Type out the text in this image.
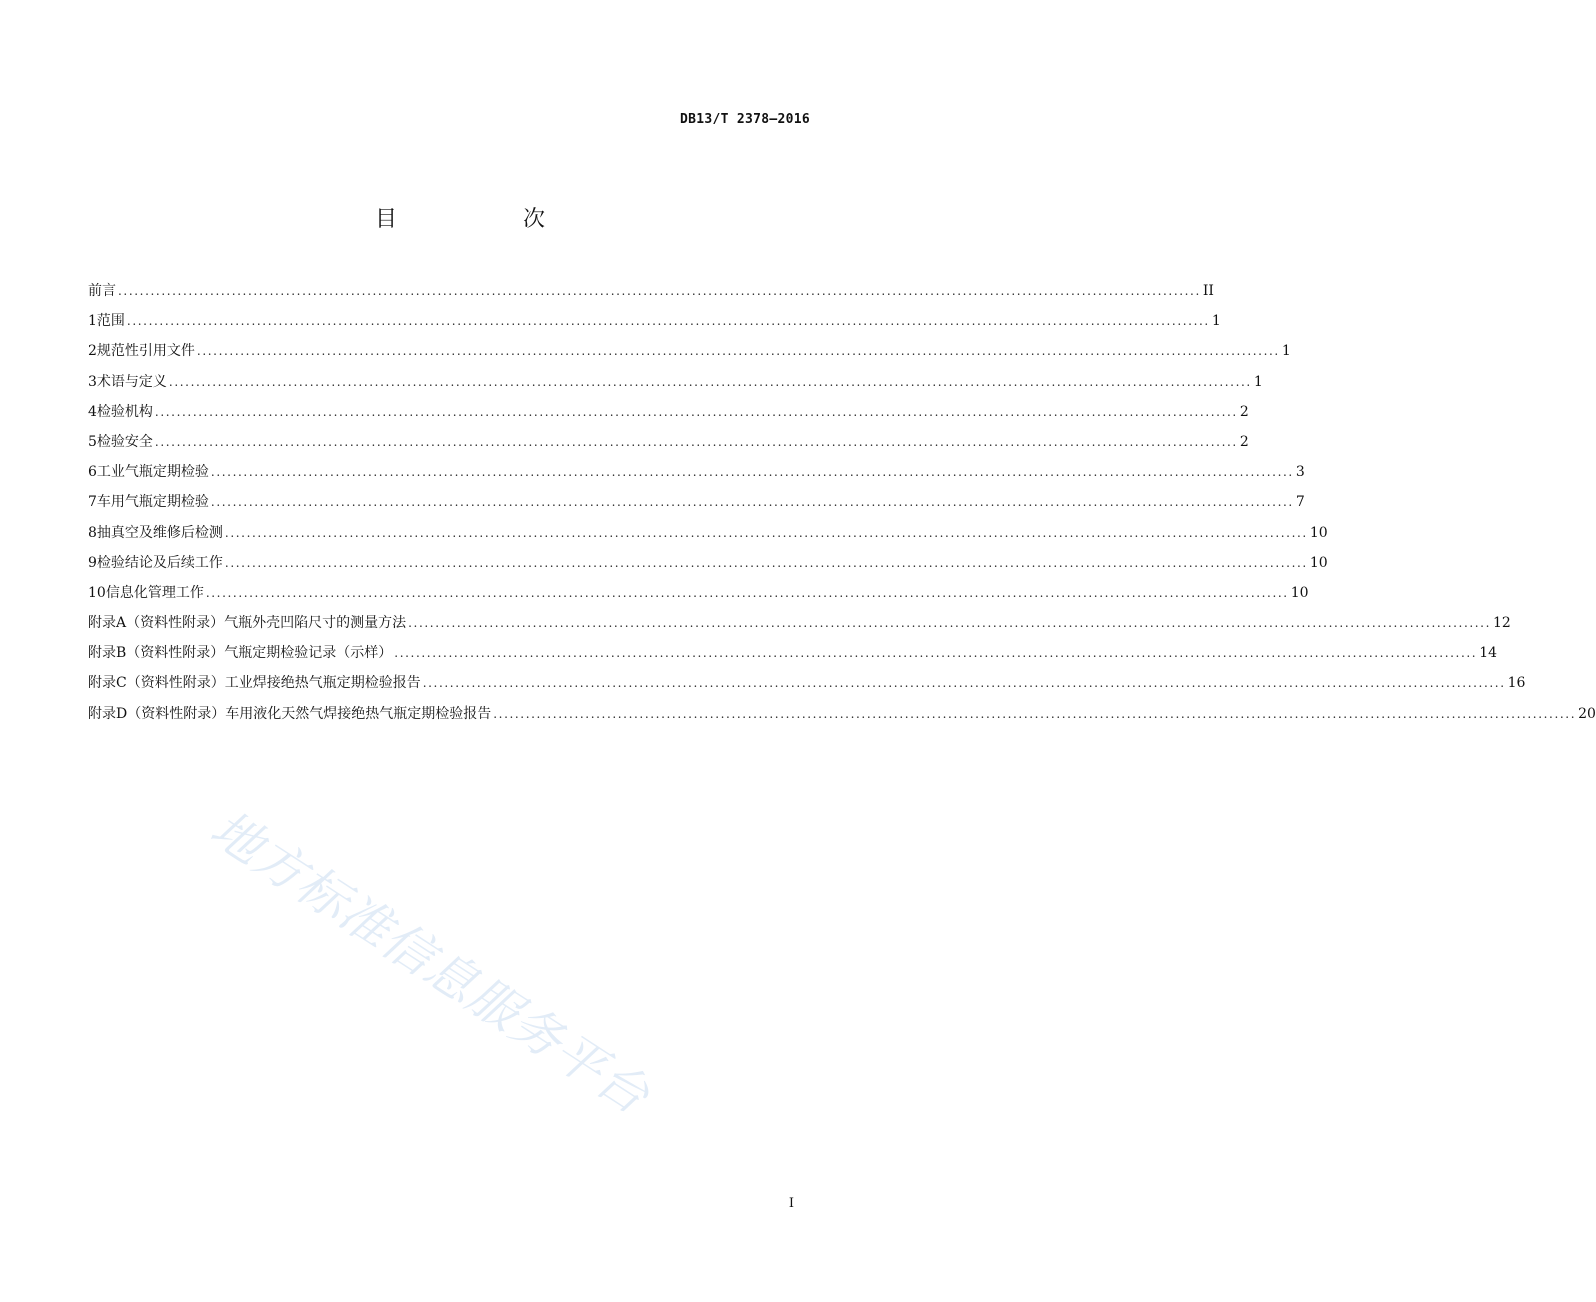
DB13/T 2378—2016
目　次
前言 ........................................................................................................................................................................................................ II
1 范围 ........................................................................................................................................................................................................ 1
2 规范性引用文件 ........................................................................................................................................................................................................ 1
3 术语与定义 ........................................................................................................................................................................................................ 1
4 检验机构 ........................................................................................................................................................................................................ 2
5 检验安全 ........................................................................................................................................................................................................ 2
6 工业气瓶定期检验 ........................................................................................................................................................................................................ 3
7 车用气瓶定期检验 ........................................................................................................................................................................................................ 7
8 抽真空及维修后检测 ........................................................................................................................................................................................................ 10
9 检验结论及后续工作 ........................................................................................................................................................................................................ 10
10 信息化管理工作 ........................................................................................................................................................................................................ 10
附录A（资料性附录） 气瓶外壳凹陷尺寸的测量方法 ........................................................................................................................................................................................................ 12
附录B（资料性附录） 气瓶定期检验记录（示样） ........................................................................................................................................................................................................ 14
附录C（资料性附录） 工业焊接绝热气瓶定期检验报告 ........................................................................................................................................................................................................ 16
附录D（资料性附录） 车用液化天然气焊接绝热气瓶定期检验报告 ........................................................................................................................................................................................................ 20
地方标准信息服务平台
I
